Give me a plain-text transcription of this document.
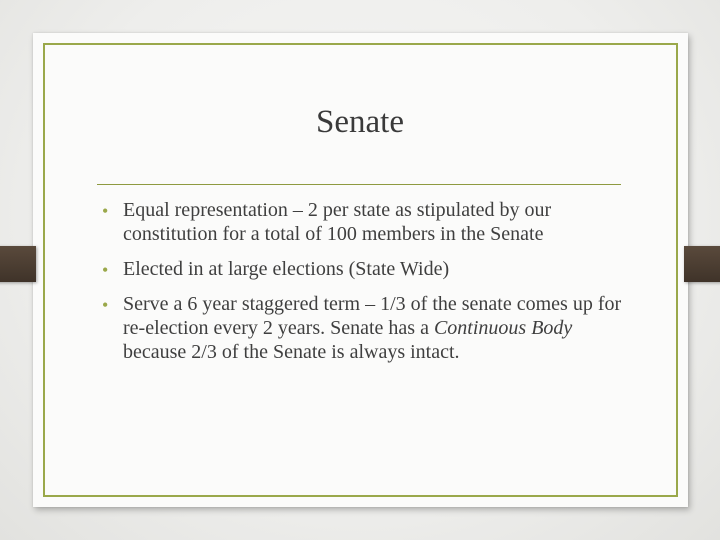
Senate
• Equal representation – 2 per state as stipulated by our constitution for a total of 100 members in the Senate
• Elected in at large elections (State Wide)
• Serve a 6 year staggered term – 1/3 of the senate comes up for re-election every 2 years. Senate has a Continuous Body because 2/3 of the Senate is always intact.
